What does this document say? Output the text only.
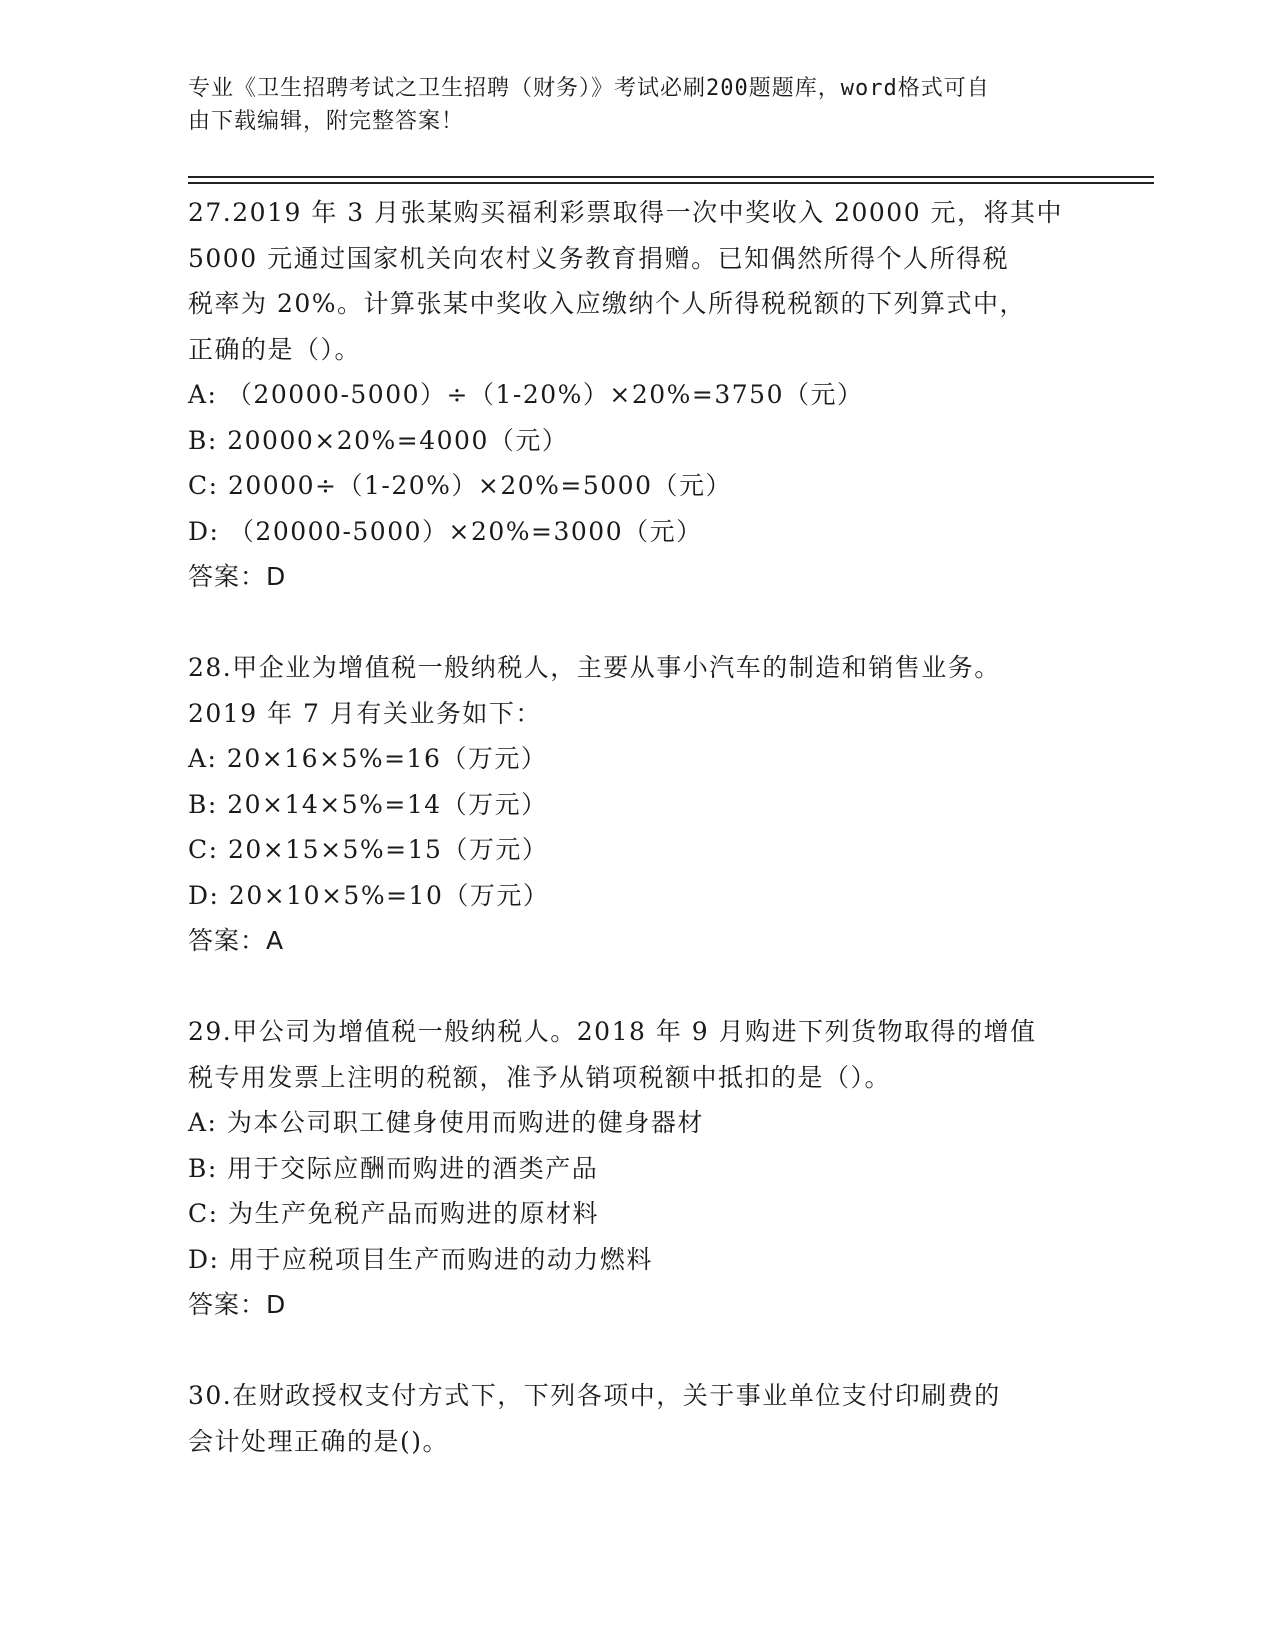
专业《卫生招聘考试之卫生招聘（财务）》考试必刷200题题库，word格式可自
由下载编辑，附完整答案！

27.2019 年 3 月张某购买福利彩票取得一次中奖收入 20000 元，将其中

5000 元通过国家机关向农村义务教育捐赠。已知偶然所得个人所得税

税率为 20%。计算张某中奖收入应缴纳个人所得税税额的下列算式中，

正确的是（）。

A: （20000-5000）÷（1-20%）×20%=3750（元）

B: 20000×20%=4000（元）

C: 20000÷（1-20%）×20%=5000（元）

D: （20000-5000）×20%=3000（元）

答案：D

28.甲企业为增值税一般纳税人，主要从事小汽车的制造和销售业务。

2019 年 7 月有关业务如下：

A: 20×16×5%=16（万元）

B: 20×14×5%=14（万元）

C: 20×15×5%=15（万元）

D: 20×10×5%=10（万元）

答案：A

29.甲公司为增值税一般纳税人。2018 年 9 月购进下列货物取得的增值

税专用发票上注明的税额，准予从销项税额中抵扣的是（）。

A: 为本公司职工健身使用而购进的健身器材

B: 用于交际应酬而购进的酒类产品

C: 为生产免税产品而购进的原材料

D: 用于应税项目生产而购进的动力燃料

答案：D

30.在财政授权支付方式下，下列各项中，关于事业单位支付印刷费的

会计处理正确的是()。
